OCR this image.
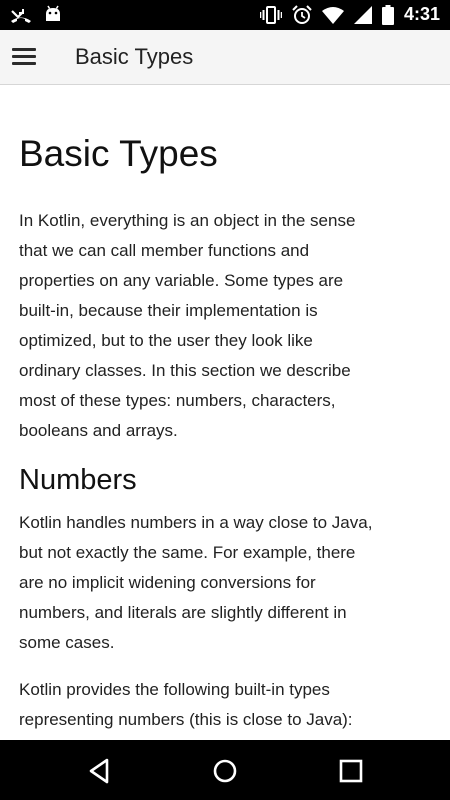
4:31
Basic Types
Basic Types

In Kotlin, everything is an object in the sense that we can call member functions and properties on any variable. Some types are built-in, because their implementation is optimized, but to the user they look like ordinary classes. In this section we describe most of these types: numbers, characters, booleans and arrays.

Numbers

Kotlin handles numbers in a way close to Java, but not exactly the same. For example, there are no implicit widening conversions for numbers, and literals are slightly different in some cases.

Kotlin provides the following built-in types representing numbers (this is close to Java):
